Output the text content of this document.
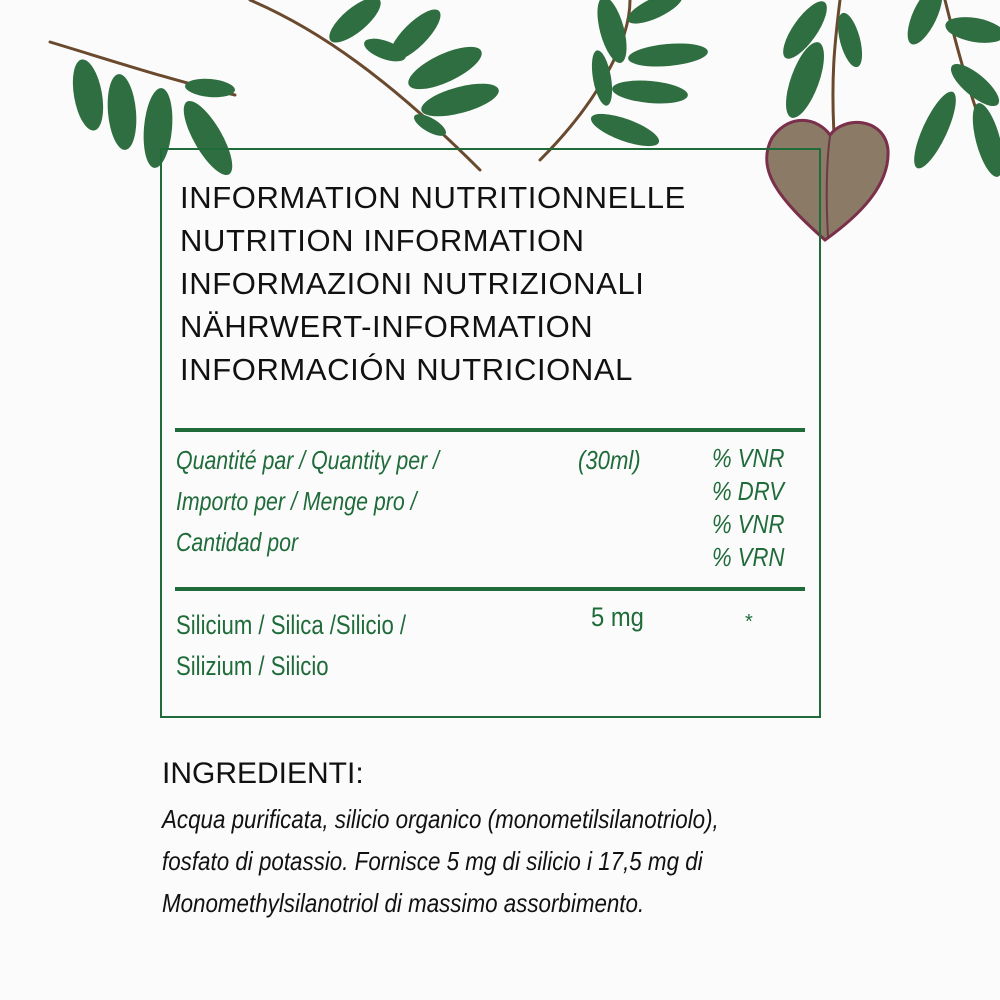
INFORMATION NUTRITIONNELLE
NUTRITION INFORMATION
INFORMAZIONI NUTRIZIONALI
NÄHRWERT-INFORMATION
INFORMACIÓN NUTRICIONAL
Quantité par / Quantity per /
Importo per / Menge pro /
Cantidad por
(30ml)	% VNR
% DRV
% VNR
% VRN
Silicium / Silica /Silicio /
Silizium / Silicio
5 mg	*
INGREDIENTI:
Acqua purificata, silicio organico (monometilsilanotriolo),
fosfato di potassio. Fornisce 5 mg di silicio i 17,5 mg di
Monomethylsilanotriol di massimo assorbimento.
